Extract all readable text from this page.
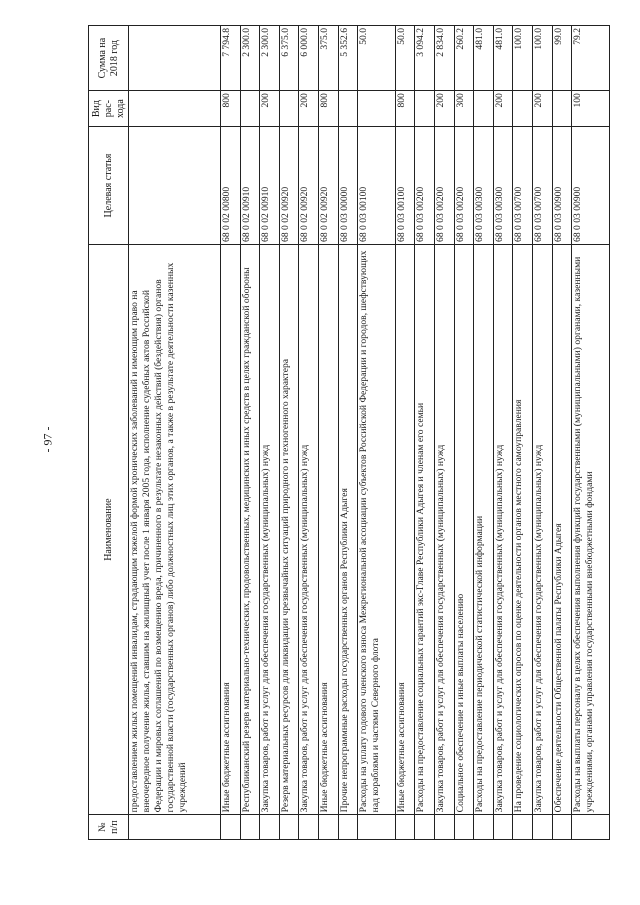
- 97 -
№ п/п	Наименование	Целевая статья	Вид рас- хода	Сумма на 2018 год
	предоставлением жилых помещений инвалидам, страдающим тяжелой формой хронических заболеваний и имеющим право на внеочередное получение жилья, ставшим на жилищный учет после 1 января 2005 года, исполнение судебных актов Российской Федерации и мировых соглашений по возмещению вреда, причиненного в результате незаконных действий (бездействия) органов государственной власти (государственных органов) либо должностных лиц этих органов, а также в результате деятельности казенных учреждений			
	Иные бюджетные ассигнования	68 0 02 00800	800	7 794.8
	Республиканский резерв материально-технических, продовольственных, медицинских и иных средств в целях гражданской обороны	68 0 02 00910		2 300.0
	Закупка товаров, работ и услуг для обеспечения государственных (муниципальных) нужд	68 0 02 00910	200	2 300.0
	Резерв материальных ресурсов для ликвидации чрезвычайных ситуаций природного и техногенного характера	68 0 02 00920		6 375.0
	Закупка товаров, работ и услуг для обеспечения государственных (муниципальных) нужд	68 0 02 00920	200	6 000.0
	Иные бюджетные ассигнования	68 0 02 00920	800	375.0
	Прочие непрограммные расходы государственных органов Республики Адыгея	68 0 03 00000		5 352.6
	Расходы на уплату годового членского взноса Межрегиональной ассоциации субъектов Российской Федерации и городов, шефствующих над кораблями и частями Северного флота	68 0 03 00100		50.0
	Иные бюджетные ассигнования	68 0 03 00100	800	50.0
	Расходы на предоставление социальных гарантий экс-Главе Республики Адыгея и членам его семьи	68 0 03 00200		3 094.2
	Закупка товаров, работ и услуг для обеспечения государственных (муниципальных) нужд	68 0 03 00200	200	2 834.0
	Социальное обеспечение и иные выплаты населению	68 0 03 00200	300	260.2
	Расходы на предоставление периодической статистической информации	68 0 03 00300		481.0
	Закупка товаров, работ и услуг для обеспечения государственных (муниципальных) нужд	68 0 03 00300	200	481.0
	На проведение социологических опросов по оценке деятельности органов местного самоуправления	68 0 03 00700		100.0
	Закупка товаров, работ и услуг для обеспечения государственных (муниципальных) нужд	68 0 03 00700	200	100.0
	Обеспечение деятельности Общественной палаты Республики Адыгея	68 0 03 00900		99.0
	Расходы на выплаты персоналу в целях обеспечения выполнения функций государственными (муниципальными) органами, казенными учреждениями, органами управления государственными внебюджетными фондами	68 0 03 00900	100	79.2
